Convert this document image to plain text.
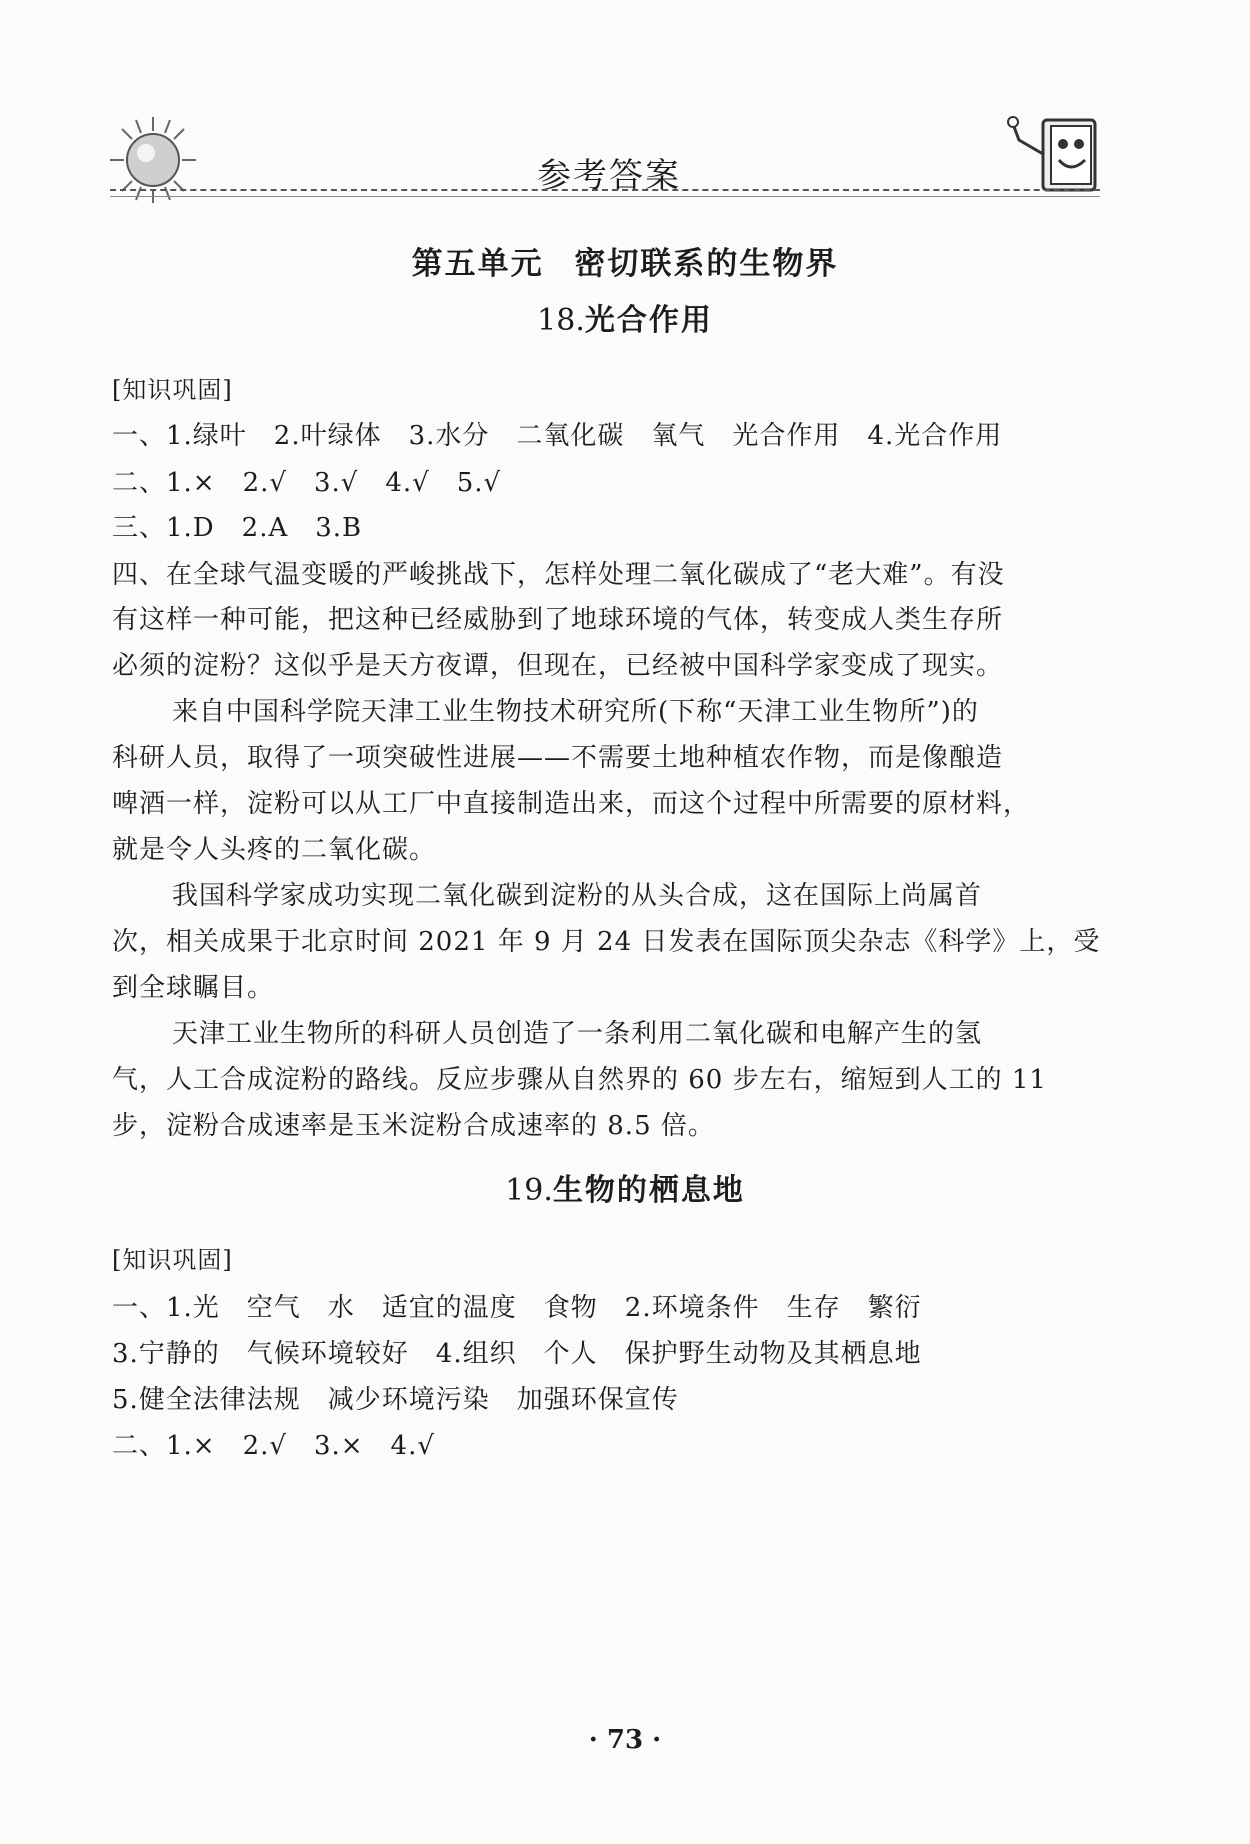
参考答案
第五单元 密切联系的生物界
18.光合作用
[知识巩固]
一、1.绿叶　2.叶绿体　3.水分　二氧化碳　氧气　光合作用　4.光合作用
二、1.×　2.√　3.√　4.√　5.√
三、1.D　2.A　3.B
四、在全球气温变暖的严峻挑战下，怎样处理二氧化碳成了“老大难”。有没
有这样一种可能，把这种已经威胁到了地球环境的气体，转变成人类生存所
必须的淀粉？这似乎是天方夜谭，但现在，已经被中国科学家变成了现实。
来自中国科学院天津工业生物技术研究所(下称“天津工业生物所”)的
科研人员，取得了一项突破性进展——不需要土地种植农作物，而是像酿造
啤酒一样，淀粉可以从工厂中直接制造出来，而这个过程中所需要的原材料，
就是令人头疼的二氧化碳。
我国科学家成功实现二氧化碳到淀粉的从头合成，这在国际上尚属首
次，相关成果于北京时间 2021 年 9 月 24 日发表在国际顶尖杂志《科学》上，受
到全球瞩目。
天津工业生物所的科研人员创造了一条利用二氧化碳和电解产生的氢
气，人工合成淀粉的路线。反应步骤从自然界的 60 步左右，缩短到人工的 11
步，淀粉合成速率是玉米淀粉合成速率的 8.5 倍。
19.生物的栖息地
[知识巩固]
一、1.光　空气　水　适宜的温度　食物　2.环境条件　生存　繁衍
3.宁静的　气候环境较好　4.组织　个人　保护野生动物及其栖息地
5.健全法律法规　减少环境污染　加强环保宣传
二、1.×　2.√　3.×　4.√
· 73 ·
